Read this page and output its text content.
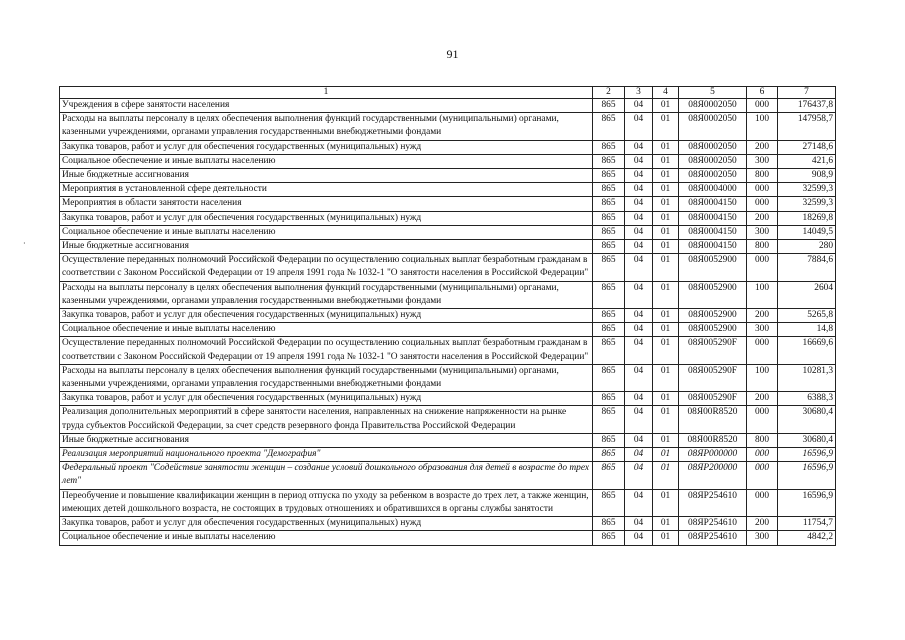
91
·
1	2	3	4	5	6	7
Учреждения в сфере занятости населения	865	04	01	08Я0002050	000	176437,8
Расходы на выплаты персоналу в целях обеспечения выполнения функций государственными (муниципальными) органами, казенными учреждениями, органами управления государственными внебюджетными фондами	865	04	01	08Я0002050	100	147958,7
Закупка товаров, работ и услуг для обеспечения государственных (муниципальных) нужд	865	04	01	08Я0002050	200	27148,6
Социальное обеспечение и иные выплаты населению	865	04	01	08Я0002050	300	421,6
Иные бюджетные ассигнования	865	04	01	08Я0002050	800	908,9
Мероприятия в установленной сфере деятельности	865	04	01	08Я0004000	000	32599,3
Мероприятия в области занятости населения	865	04	01	08Я0004150	000	32599,3
Закупка товаров, работ и услуг для обеспечения государственных (муниципальных) нужд	865	04	01	08Я0004150	200	18269,8
Социальное обеспечение и иные выплаты населению	865	04	01	08Я0004150	300	14049,5
Иные бюджетные ассигнования	865	04	01	08Я0004150	800	280
Осуществление переданных полномочий Российской Федерации по осуществлению социальных выплат безработным гражданам в соответствии с Законом Российской Федерации от 19 апреля 1991 года № 1032-1 "О занятости населения в Российской Федерации"	865	04	01	08Я0052900	000	7884,6
Расходы на выплаты персоналу в целях обеспечения выполнения функций государственными (муниципальными) органами, казенными учреждениями, органами управления государственными внебюджетными фондами	865	04	01	08Я0052900	100	2604
Закупка товаров, работ и услуг для обеспечения государственных (муниципальных) нужд	865	04	01	08Я0052900	200	5265,8
Социальное обеспечение и иные выплаты населению	865	04	01	08Я0052900	300	14,8
Осуществление переданных полномочий Российской Федерации по осуществлению социальных выплат безработным гражданам в соответствии с Законом Российской Федерации от 19 апреля 1991 года № 1032-1 "О занятости населения в Российской Федерации"	865	04	01	08Я005290F	000	16669,6
Расходы на выплаты персоналу в целях обеспечения выполнения функций государственными (муниципальными) органами, казенными учреждениями, органами управления государственными внебюджетными фондами	865	04	01	08Я005290F	100	10281,3
Закупка товаров, работ и услуг для обеспечения государственных (муниципальных) нужд	865	04	01	08Я005290F	200	6388,3
Реализация дополнительных мероприятий в сфере занятости населения, направленных на снижение напряженности на рынке труда субъектов Российской Федерации, за счет средств резервного фонда Правительства Российской Федерации	865	04	01	08Я00R8520	000	30680,4
Иные бюджетные ассигнования	865	04	01	08Я00R8520	800	30680,4
Реализация мероприятий национального проекта "Демография"	865	04	01	08ЯР000000	000	16596,9
Федеральный проект "Содействие занятости женщин – создание условий дошкольного образования для детей в возрасте до трех лет"	865	04	01	08ЯР200000	000	16596,9
Переобучение и повышение квалификации женщин в период отпуска по уходу за ребенком в возрасте до трех лет, а также женщин, имеющих детей дошкольного возраста, не состоящих в трудовых отношениях и обратившихся в органы службы занятости	865	04	01	08ЯР254610	000	16596,9
Закупка товаров, работ и услуг для обеспечения государственных (муниципальных) нужд	865	04	01	08ЯР254610	200	11754,7
Социальное обеспечение и иные выплаты населению	865	04	01	08ЯР254610	300	4842,2
